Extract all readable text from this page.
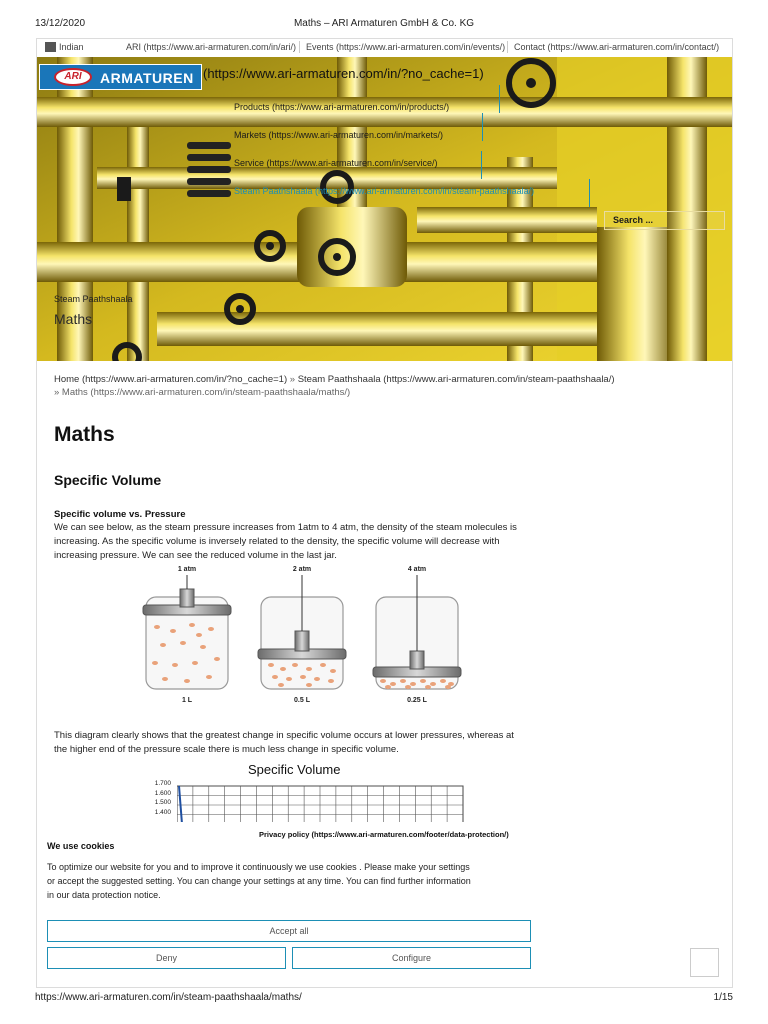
13/12/2020	Maths – ARI Armaturen GmbH & Co. KG
Indian	ARI (https://www.ari-armaturen.com/in/ari/) Events (https://www.ari-armaturen.com/in/events/) Contact (https://www.ari-armaturen.com/in/contact/)
ARI	ARMATUREN (https://www.ari-armaturen.com/in/?no_cache=1)
Products (https://www.ari-armaturen.com/in/products/)
Markets (https://www.ari-armaturen.com/in/markets/)
Service (https://www.ari-armaturen.com/in/service/)
Steam Paathshaala (https://www.ari-armaturen.com/in/steam-paathshaala/)
Search ...
Steam Paathshaala
Maths
Home (https://www.ari-armaturen.com/in/?no_cache=1) » Steam Paathshaala (https://www.ari-armaturen.com/in/steam-paathshaala/)
» Maths (https://www.ari-armaturen.com/in/steam-paathshaala/maths/)
Maths
Specific Volume
Specific volume vs. Pressure
We can see below, as the steam pressure increases from 1atm to 4 atm, the density of the steam molecules is
increasing. As the specific volume is inversely related to the density, the specific volume will decrease with
increasing pressure. We can see the reduced volume in the last jar.
1 atm	2 atm	4 atm
1 L	0.5 L	0.25 L
This diagram clearly shows that the greatest change in specific volume occurs at lower pressures, whereas at
the higher end of the pressure scale there is much less change in specific volume.
Specific Volume
1.700
1.600
1.500
1.400
Privacy policy (https://www.ari-armaturen.com/footer/data-protection/)
We use cookies
To optimize our website for you and to improve it continuously we use cookies . Please make your settings
or accept the suggested setting. You can change your settings at any time. You can find further information
in our data protection notice.
Accept all
Deny	Configure
https://www.ari-armaturen.com/in/steam-paathshaala/maths/	1/15
